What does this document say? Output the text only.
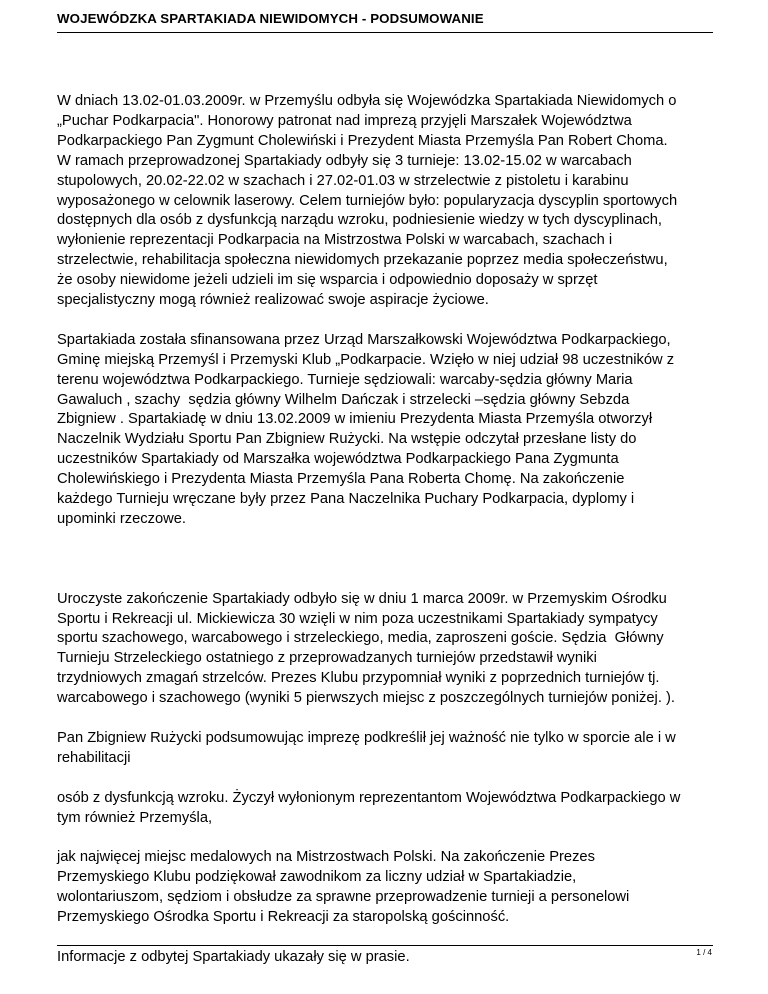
WOJEWÓDZKA SPARTAKIADA NIEWIDOMYCH - PODSUMOWANIE

W dniach 13.02-01.03.2009r. w Przemyślu odbyła się Wojewódzka Spartakiada Niewidomych o
„Puchar Podkarpacia". Honorowy patronat nad imprezą przyjęli Marszałek Województwa
Podkarpackiego Pan Zygmunt Cholewiński i Prezydent Miasta Przemyśla Pan Robert Choma.
W ramach przeprowadzonej Spartakiady odbyły się 3 turnieje: 13.02-15.02 w warcabach
stupolowych, 20.02-22.02 w szachach i 27.02-01.03 w strzelectwie z pistoletu i karabinu
wyposażonego w celownik laserowy. Celem turniejów było: popularyzacja dyscyplin sportowych
dostępnych dla osób z dysfunkcją narządu wzroku, podniesienie wiedzy w tych dyscyplinach,
wyłonienie reprezentacji Podkarpacia na Mistrzostwa Polski w warcabach, szachach i
strzelectwie, rehabilitacja społeczna niewidomych przekazanie poprzez media społeczeństwu,
że osoby niewidome jeżeli udzieli im się wsparcia i odpowiednio doposaży w sprzęt
specjalistyczny mogą również realizować swoje aspiracje życiowe.

Spartakiada została sfinansowana przez Urząd Marszałkowski Województwa Podkarpackiego,
Gminę miejską Przemyśl i Przemyski Klub „Podkarpacie. Wzięło w niej udział 98 uczestników z
terenu województwa Podkarpackiego. Turnieje sędziowali: warcaby-sędzia główny Maria
Gawaluch , szachy  sędzia główny Wilhelm Dańczak i strzelecki –sędzia główny Sebzda
Zbigniew . Spartakiadę w dniu 13.02.2009 w imieniu Prezydenta Miasta Przemyśla otworzył
Naczelnik Wydziału Sportu Pan Zbigniew Rużycki. Na wstępie odczytał przesłane listy do
uczestników Spartakiady od Marszałka województwa Podkarpackiego Pana Zygmunta
Cholewińskiego i Prezydenta Miasta Przemyśla Pana Roberta Chomę. Na zakończenie
każdego Turnieju wręczane były przez Pana Naczelnika Puchary Podkarpacia, dyplomy i
upominki rzeczowe.

Uroczyste zakończenie Spartakiady odbyło się w dniu 1 marca 2009r. w Przemyskim Ośrodku
Sportu i Rekreacji ul. Mickiewicza 30 wzięli w nim poza uczestnikami Spartakiady sympatycy
sportu szachowego, warcabowego i strzeleckiego, media, zaproszeni goście. Sędzia  Główny
Turnieju Strzeleckiego ostatniego z przeprowadzanych turniejów przedstawił wyniki
trzydniowych zmagań strzelców. Prezes Klubu przypomniał wyniki z poprzednich turniejów tj.
warcabowego i szachowego (wyniki 5 pierwszych miejsc z poszczególnych turniejów poniżej. ).

Pan Zbigniew Rużycki podsumowując imprezę podkreślił jej ważność nie tylko w sporcie ale i w
rehabilitacji

osób z dysfunkcją wzroku. Życzył wyłonionym reprezentantom Województwa Podkarpackiego w
tym również Przemyśla,

jak najwięcej miejsc medalowych na Mistrzostwach Polski. Na zakończenie Prezes
Przemyskiego Klubu podziękował zawodnikom za liczny udział w Spartakiadzie,
wolontariuszom, sędziom i obsłudze za sprawne przeprowadzenie turnieji a personelowi
Przemyskiego Ośrodka Sportu i Rekreacji za staropolską gościnność.

Informacje z odbytej Spartakiady ukazały się w prasie.	1 / 4
